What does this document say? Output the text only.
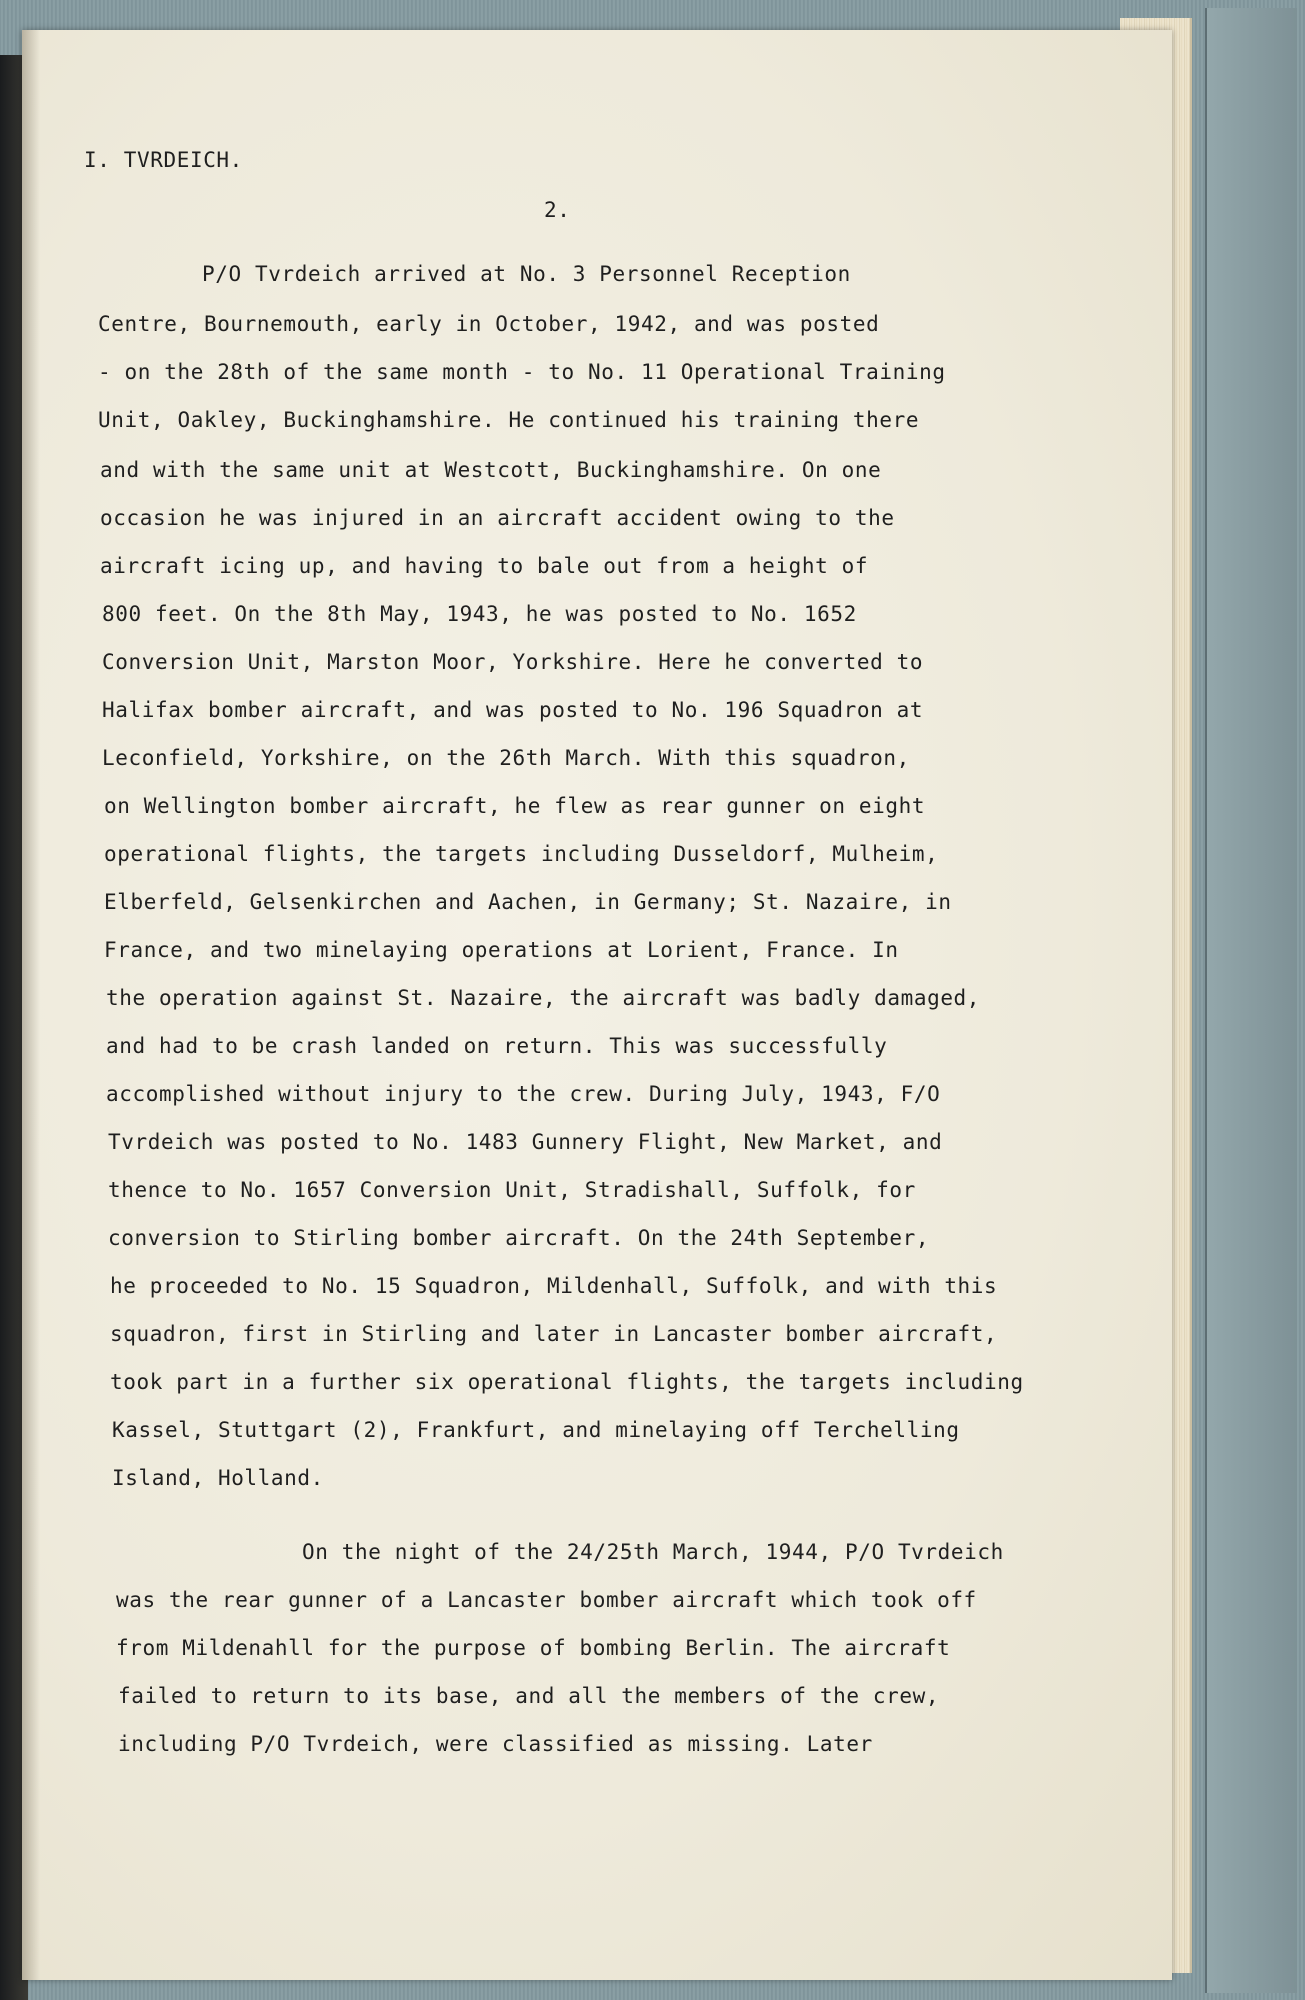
I. TVRDEICH.
2.
P/O Tvrdeich arrived at No. 3 Personnel Reception
Centre, Bournemouth, early in October, 1942, and was posted
- on the 28th of the same month - to No. 11 Operational Training
Unit, Oakley, Buckinghamshire. He continued his training there
and with the same unit at Westcott, Buckinghamshire. On one
occasion he was injured in an aircraft accident owing to the
aircraft icing up, and having to bale out from a height of
800 feet. On the 8th May, 1943, he was posted to No. 1652
Conversion Unit, Marston Moor, Yorkshire. Here he converted to
Halifax bomber aircraft, and was posted to No. 196 Squadron at
Leconfield, Yorkshire, on the 26th March. With this squadron,
on Wellington bomber aircraft, he flew as rear gunner on eight
operational flights, the targets including Dusseldorf, Mulheim,
Elberfeld, Gelsenkirchen and Aachen, in Germany; St. Nazaire, in
France, and two minelaying operations at Lorient, France. In
the operation against St. Nazaire, the aircraft was badly damaged,
and had to be crash landed on return. This was successfully
accomplished without injury to the crew. During July, 1943, F/O
Tvrdeich was posted to No. 1483 Gunnery Flight, New Market, and
thence to No. 1657 Conversion Unit, Stradishall, Suffolk, for
conversion to Stirling bomber aircraft. On the 24th September,
he proceeded to No. 15 Squadron, Mildenhall, Suffolk, and with this
squadron, first in Stirling and later in Lancaster bomber aircraft,
took part in a further six operational flights, the targets including
Kassel, Stuttgart (2), Frankfurt, and minelaying off Terchelling
Island, Holland.
On the night of the 24/25th March, 1944, P/O Tvrdeich
was the rear gunner of a Lancaster bomber aircraft which took off
from Mildenahll for the purpose of bombing Berlin. The aircraft
failed to return to its base, and all the members of the crew,
including P/O Tvrdeich, were classified as missing. Later
